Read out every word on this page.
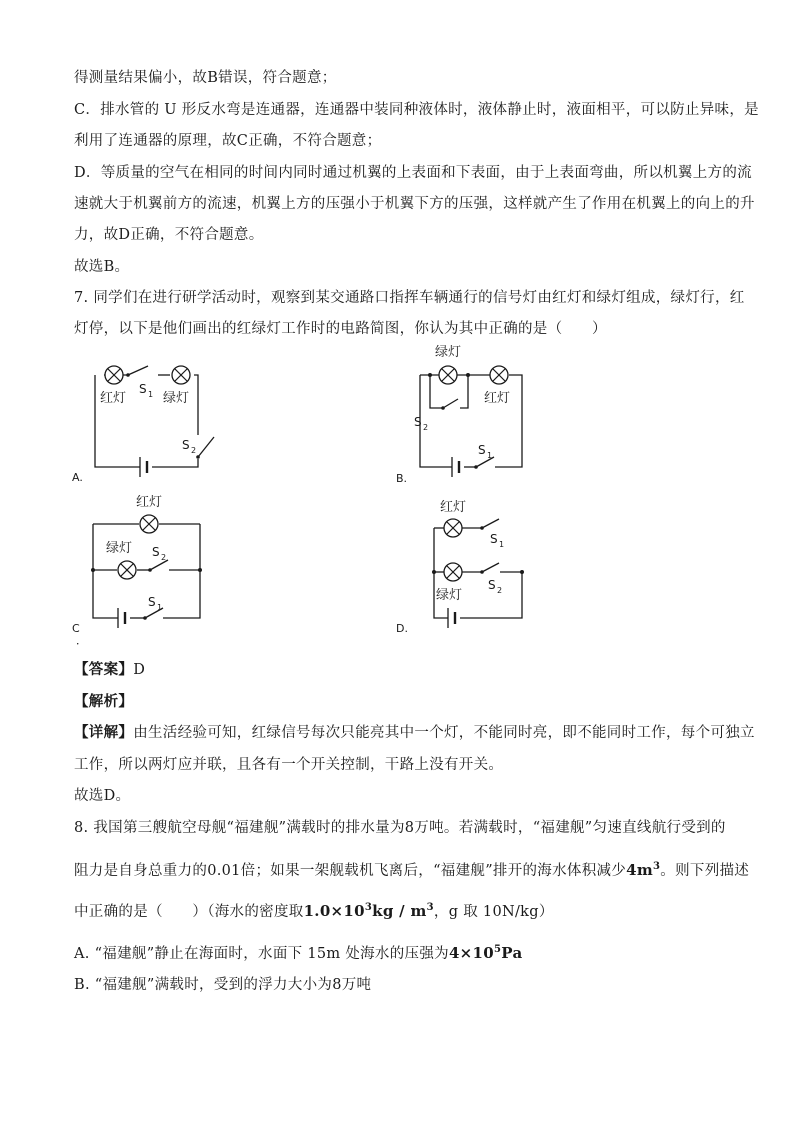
得测量结果偏小，故B错误，符合题意；
C．排水管的 U 形反水弯是连通器，连通器中装同种液体时，液体静止时，液面相平，可以防止异味，是
利用了连通器的原理，故C正确，不符合题意；
D．等质量的空气在相同的时间内同时通过机翼的上表面和下表面，由于上表面弯曲，所以机翼上方的流
速就大于机翼前方的流速，机翼上方的压强小于机翼下方的压强，这样就产生了作用在机翼上的向上的升
力，故D正确，不符合题意。
故选B。
7. 同学们在进行研学活动时，观察到某交通路口指挥车辆通行的信号灯由红灯和绿灯组成，绿灯行，红
灯停，以下是他们画出的红绿灯工作时的电路简图，你认为其中正确的是（　　）
红灯	绿灯
S 1
S 2
A.
绿灯
红灯
S 2
S 1
B.
红灯
绿灯 S 2
S 1
C
．
红灯
绿灯
S 1
S 2
D.
【答案】D
【解析】
【详解】由生活经验可知，红绿信号每次只能亮其中一个灯，不能同时亮，即不能同时工作，每个可独立
工作，所以两灯应并联，且各有一个开关控制，干路上没有开关。
故选D。
8. 我国第三艘航空母舰“福建舰”满载时的排水量为8万吨。若满载时，“福建舰”匀速直线航行受到的
阻力是自身总重力的0.01倍；如果一架舰载机飞离后，“福建舰”排开的海水体积减少$4m^3$。则下列描述
中正确的是（　　）（海水的密度取$1.0\times 10^3kg / m^3$，g 取 10N/kg）
A. “福建舰”静止在海面时，水面下 15m 处海水的压强为$4\times 10^5Pa$
B. “福建舰”满载时，受到的浮力大小为8万吨
